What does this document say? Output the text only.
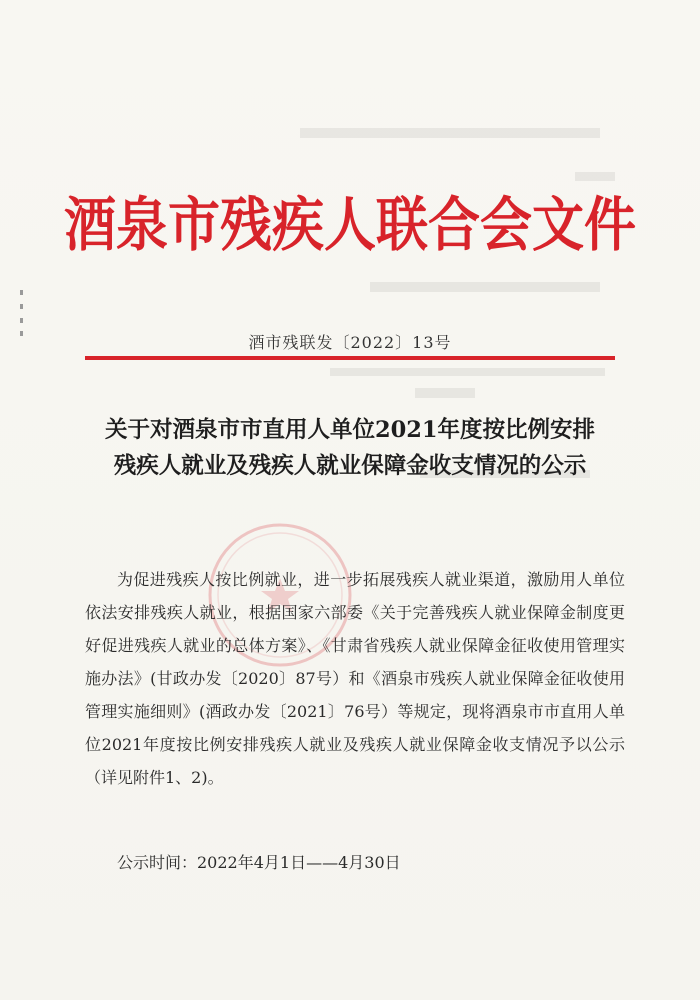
酒泉市残疾人联合会文件
酒市残联发〔2022〕13号
关于对酒泉市市直用人单位2021年度按比例安排
残疾人就业及残疾人就业保障金收支情况的公示

为促进残疾人按比例就业，进一步拓展残疾人就业渠道，激励用人单位依法安排残疾人就业，根据国家六部委《关于完善残疾人就业保障金制度更好促进残疾人就业的总体方案》、《甘肃省残疾人就业保障金征收使用管理实施办法》(甘政办发〔2020〕87号）和《酒泉市残疾人就业保障金征收使用管理实施细则》(酒政办发〔2021〕76号）等规定，现将酒泉市市直用人单位2021年度按比例安排残疾人就业及残疾人就业保障金收支情况予以公示（详见附件1、2)。

公示时间：2022年4月1日——4月30日
